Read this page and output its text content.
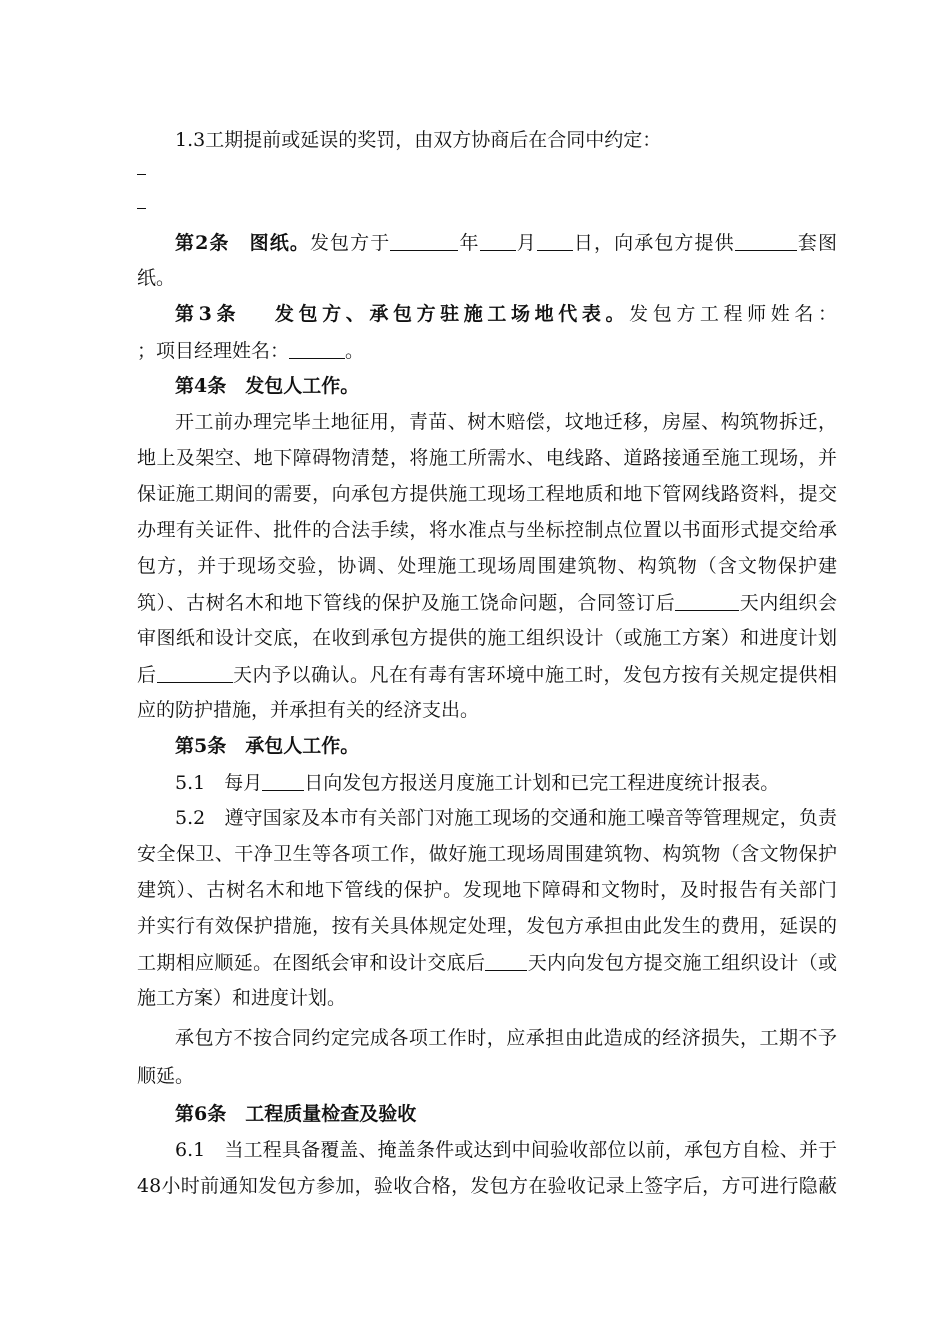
1.3工期提前或延误的奖罚，由双方协商后在合同中约定：
第2条　图纸。发包方于	年 月 日，向承包方提供	套图
纸。
第3条　 发包方、承包方驻施工场地代表。发包方工程师姓名：
；项目经理姓名：	。
第4条　发包人工作。
开工前办理完毕土地征用，青苗、树木赔偿，坟地迁移，房屋、构筑物拆迁，
地上及架空、地下障碍物清楚，将施工所需水、电线路、道路接通至施工现场，并
保证施工期间的需要，向承包方提供施工现场工程地质和地下管网线路资料，提交
办理有关证件、批件的合法手续，将水准点与坐标控制点位置以书面形式提交给承
包方，并于现场交验，协调、处理施工现场周围建筑物、构筑物（含文物保护建
筑）、古树名木和地下管线的保护及施工饶命问题，合同签订后	天内组织会
审图纸和设计交底，在收到承包方提供的施工组织设计（或施工方案）和进度计划
后	天内予以确认。凡在有毒有害环境中施工时，发包方按有关规定提供相
应的防护措施，并承担有关的经济支出。
第5条　承包人工作。
5.1　每月 日向发包方报送月度施工计划和已完工程进度统计报表。
5.2　遵守国家及本市有关部门对施工现场的交通和施工噪音等管理规定，负责
安全保卫、干净卫生等各项工作，做好施工现场周围建筑物、构筑物（含文物保护
建筑）、古树名木和地下管线的保护。发现地下障碍和文物时，及时报告有关部门
并实行有效保护措施，按有关具体规定处理，发包方承担由此发生的费用，延误的
工期相应顺延。在图纸会审和设计交底后 天内向发包方提交施工组织设计（或
施工方案）和进度计划。
承包方不按合同约定完成各项工作时，应承担由此造成的经济损失，工期不予
顺延。
第6条　工程质量检查及验收
6.1　当工程具备覆盖、掩盖条件或达到中间验收部位以前，承包方自检、并于
48小时前通知发包方参加，验收合格，发包方在验收记录上签字后，方可进行隐蔽
